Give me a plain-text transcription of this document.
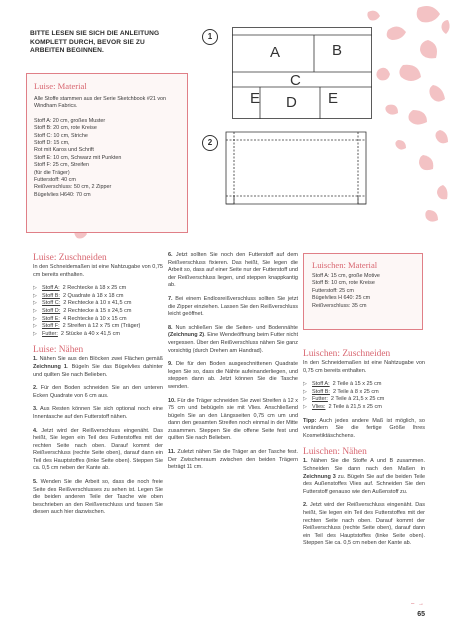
BITTE LESEN SIE SICH DIE ANLEITUNG KOMPLETT DURCH, BEVOR SIE ZU ARBEITEN BEGINNEN.
Luise: Material

Alle Stoffe stammen aus der Serie Sketchbook #21 von Windham Fabrics.

Stoff A: 20 cm, großes Muster

Stoff B: 20 cm, rote Kreise

Stoff C: 10 cm, Striche

Stoff D: 15 cm,

Rot mit Karos und Schrift

Stoff E: 10 cm, Schwarz mit Punkten

Stoff F: 25 cm, Streifen

(für die Träger)

Futterstoff: 40 cm

Reißverschluss: 50 cm, 2 Zipper

Bügelvlies H640: 70 cm

1
2
A	B
C
E D E
Luise: Zuschneiden

In den Schneidemaßen ist eine Nahtzugabe von 0,75 cm bereits enthalten.

▷ Stoff A: 2 Rechtecke à 18 x 25 cm
▷ Stoff B: 2 Quadrate à 18 x 18 cm
▷ Stoff C: 2 Rechtecke à 10 x 41,5 cm
▷ Stoff D: 2 Rechtecke à 15 x 24,5 cm
▷ Stoff E: 4 Rechtecke à 10 x 15 cm
▷ Stoff F: 2 Streifen à 12 x 75 cm (Träger)
▷ Futter: 2 Stücke à 40 x 41,5 cm
Luise: Nähen

1. Nähen Sie aus den Blöcken zwei Flächen gemäß Zeichnung 1. Bügeln Sie das Bügelvlies dahinter und quilten Sie nach Belieben.

2. Für den Boden schneiden Sie an den unteren Ecken Quadrate von 6 cm aus.

3. Aus Resten können Sie sich optional noch eine Innentasche auf den Futterstoff nähen.

4. Jetzt wird der Reißverschluss eingenäht. Das heißt, Sie legen ein Teil des Futterstoffes mit der rechten Seite nach oben. Darauf kommt der Reißverschluss (rechte Seite oben), darauf dann ein Teil des Hauptstoffes (linke Seite oben). Steppen Sie ca. 0,5 cm neben der Kante ab.

5. Wenden Sie die Arbeit so, dass die noch freie Seite des Reißverschlusses zu sehen ist. Legen Sie die beiden anderen Teile der Tasche wie oben beschrieben an den Reißverschluss und fassen Sie diesen auch hier dazwischen.

6. Jetzt sollten Sie noch den Futterstoff auf dem Reißverschluss fixieren. Das heißt, Sie legen die Arbeit so, dass auf einer Seite nur der Futterstoff und der Reißverschluss liegen, und steppen knappkantig ab.

7. Bei einem Endlosreißverschluss sollten Sie jetzt die Zipper einziehen. Lassen Sie den Reißverschluss leicht geöffnet.

8. Nun schließen Sie die Seiten- und Bodennähte (Zeichnung 2). Eine Wendeöffnung beim Futter nicht vergessen. Über den Reißverschluss nähen Sie ganz vorsichtig (durch Drehen am Handrad).

9. Die für den Boden ausgeschnittenen Quadrate legen Sie so, dass die Nähte aufeinanderliegen, und steppen dann ab. Jetzt können Sie die Tasche wenden.

10. Für die Träger schneiden Sie zwei Streifen à 12 x 75 cm und bebügeln sie mit Vlies. Anschließend bügeln Sie an den Längsseiten 0,75 cm um und dann den gesamten Streifen noch einmal in der Mitte zusammen. Steppen Sie die offene Seite fest und quilten Sie nach Belieben.

11. Zuletzt nähen Sie die Träger an der Tasche fest. Der Zwischenraum zwischen den beiden Trägern beträgt 11 cm.

Luischen: Material

Stoff A: 15 cm, große Motive

Stoff B: 10 cm, rote Kreise

Futterstoff: 25 cm

Bügelvlies H 640: 25 cm

Reißverschluss: 35 cm

Luischen: Zuschneiden

In den Schneidemaßen ist eine Nahtzugabe von 0,75 cm bereits enthalten.

▷ Stoff A: 2 Teile à 15 x 25 cm
▷ Stoff B: 2 Teile à 8 x 25 cm
▷ Futter: 2 Teile à 21,5 x 25 cm
▷ Vlies: 2 Teile à 21,5 x 25 cm

Tipp: Auch jedes andere Maß ist möglich, so verändern Sie die fertige Größe Ihres Kosmetiktäschchens.

Luischen: Nähen

1. Nähen Sie die Stoffe A und B zusammen. Schneiden Sie dann nach den Maßen in Zeichnung 3 zu. Bügeln Sie auf die beiden Teile des Außenstoffes Vlies auf. Schneiden Sie den Futterstoff genauso wie den Außenstoff zu.

2. Jetzt wird der Reißverschluss eingenäht. Das heißt, Sie legen ein Teil des Futterstoffes mit der rechten Seite nach oben. Darauf kommt der Reißverschluss (rechte Seite oben), darauf dann ein Teil des Hauptstoffes (linke Seite oben). Steppen Sie ca. 0,5 cm neben der Kante ab.

– →
65
